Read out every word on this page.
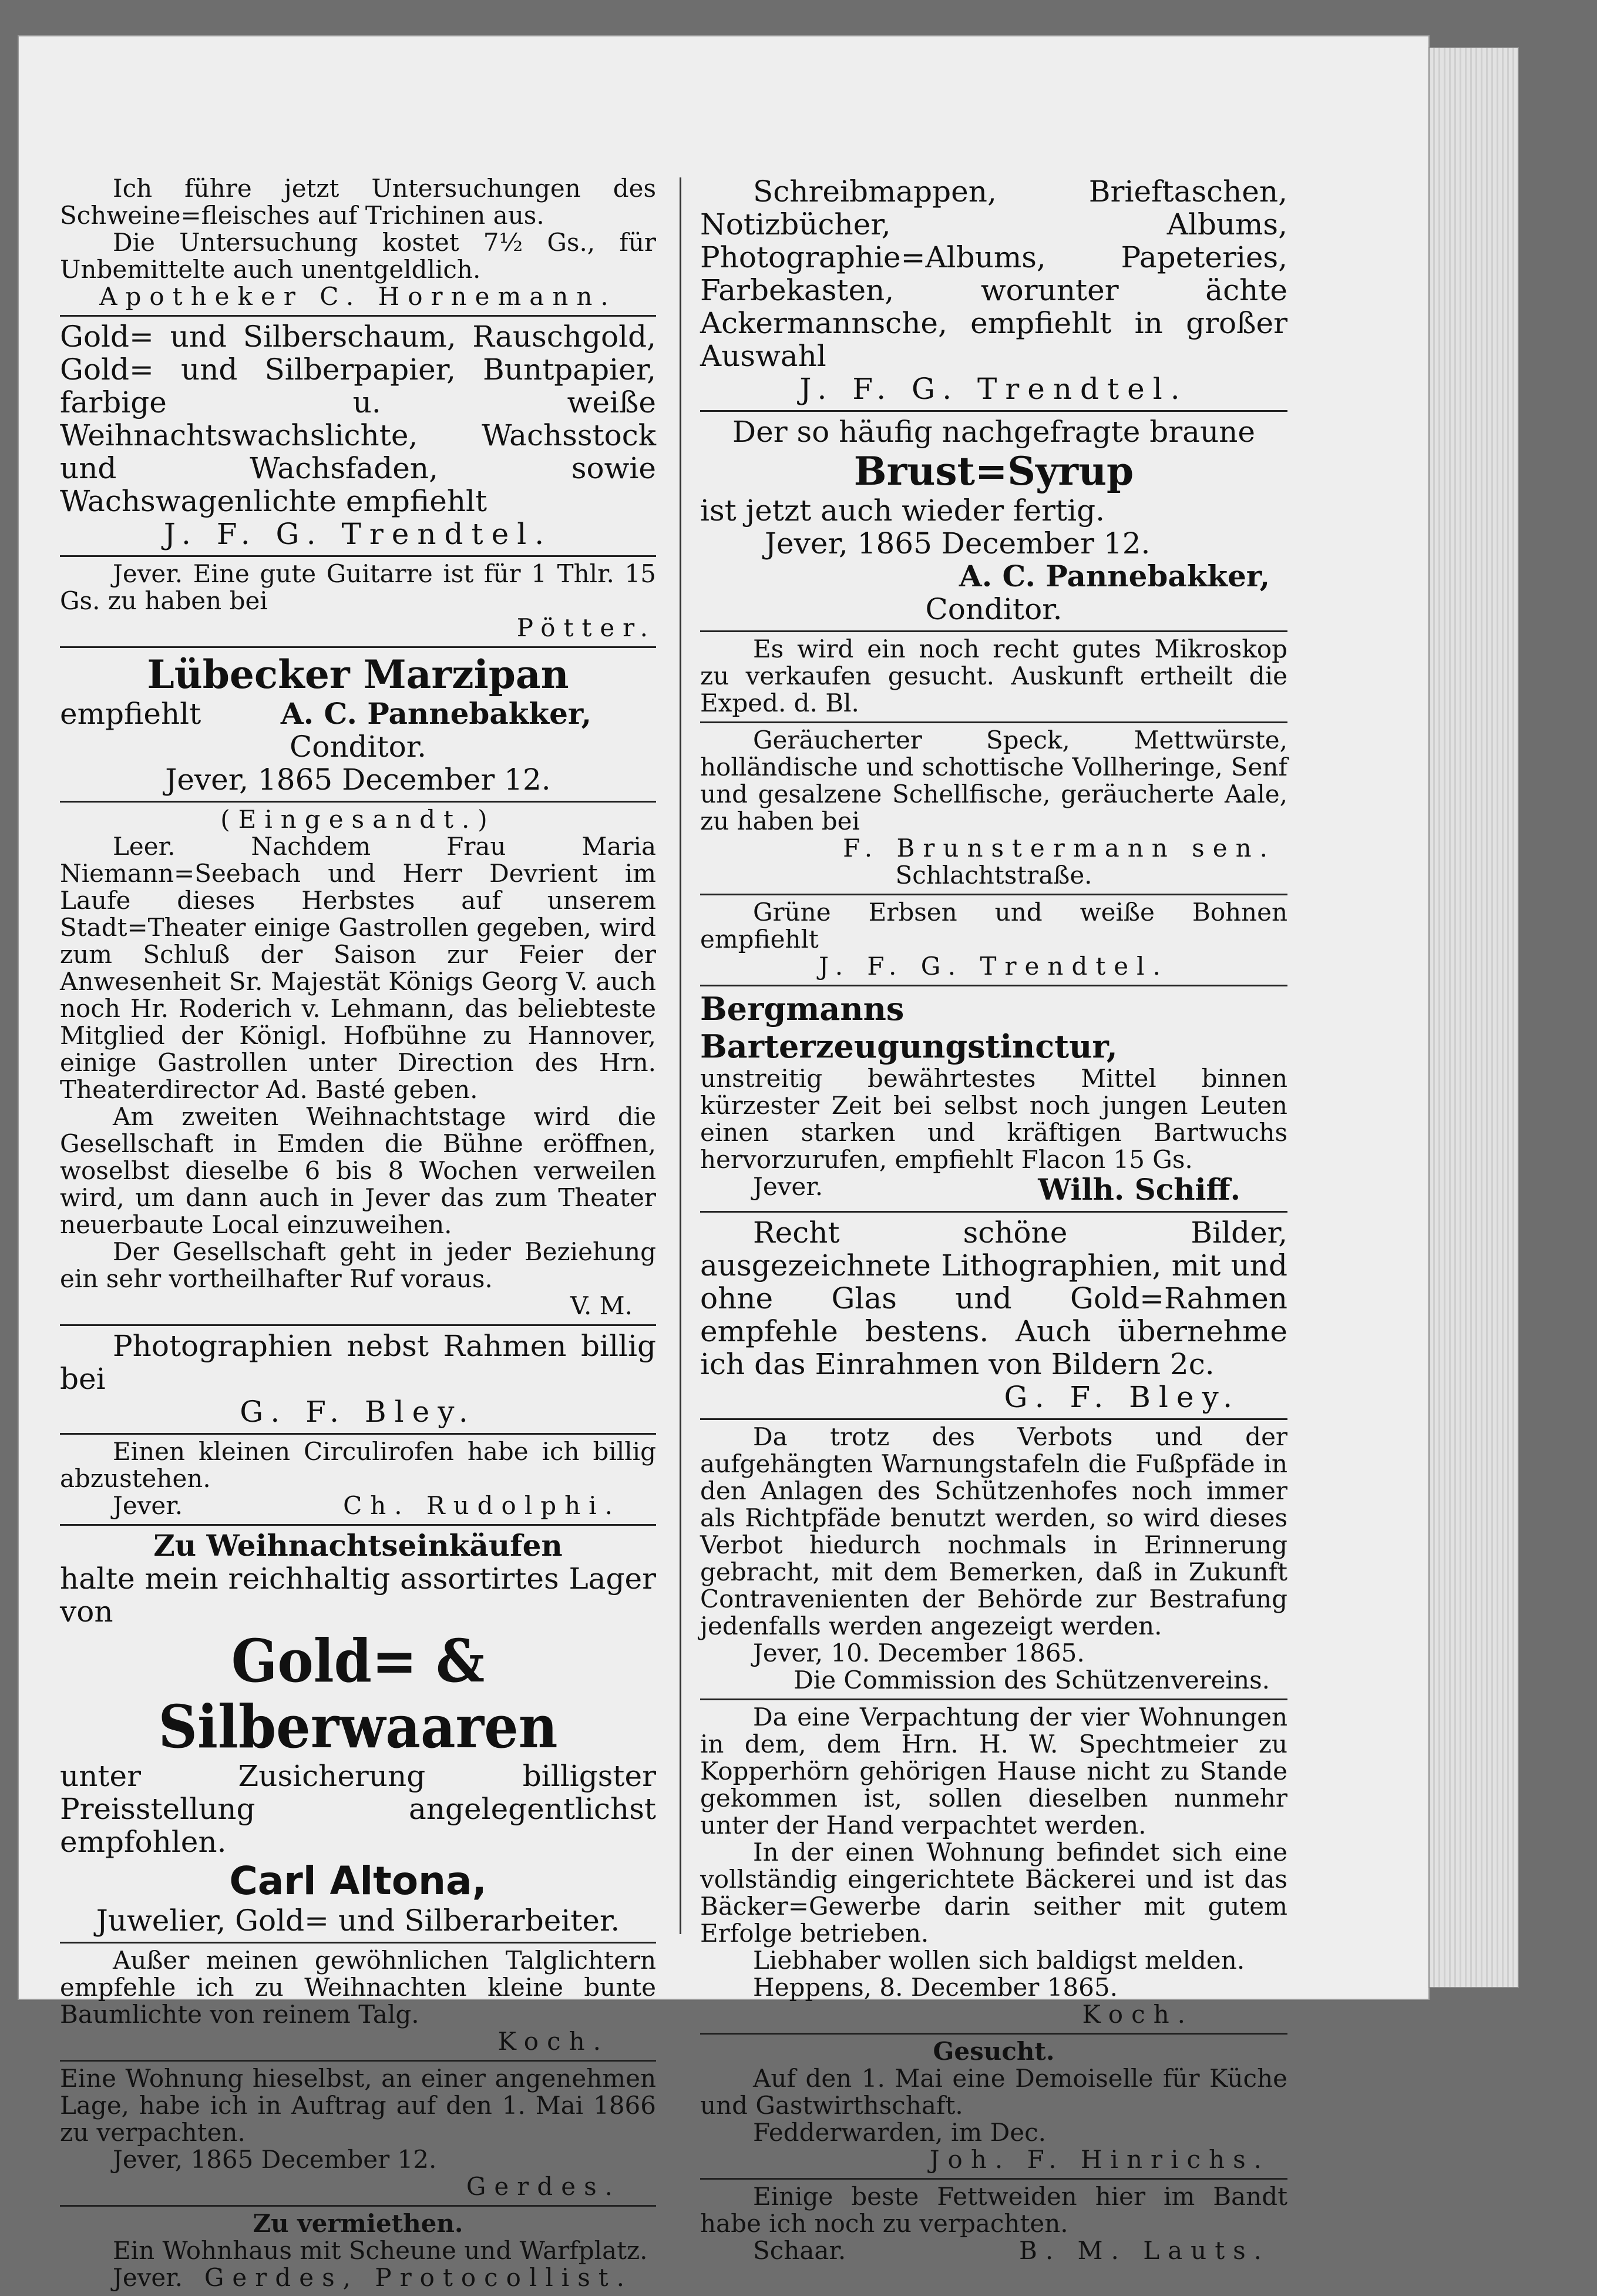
Ich führe jetzt Untersuchungen des Schweine=fleisches auf Trichinen aus.

Die Untersuchung kostet 7½ Gs., für Unbemittelte auch unentgeldlich.

Apotheker C. Hornemann.

Gold= und Silberschaum, Rauschgold, Gold= und Silberpapier, Buntpapier, farbige u. weiße Weihnachtswachslichte, Wachsstock und Wachsfaden, sowie Wachswagenlichte empfiehlt

J. F. G. Trendtel.

Jever. Eine gute Guitarre ist für 1 Thlr. 15 Gs. zu haben bei

Pötter.

Lübecker Marzipan

empfiehlt	A. C. Pannebakker,

Conditor.

Jever, 1865 December 12.

(Eingesandt.)

Leer. Nachdem Frau Maria Niemann=Seebach und Herr Devrient im Laufe dieses Herbstes auf unserem Stadt=Theater einige Gastrollen gegeben, wird zum Schluß der Saison zur Feier der Anwesenheit Sr. Majestät Königs Georg V. auch noch Hr. Roderich v. Lehmann, das beliebteste Mitglied der Königl. Hofbühne zu Hannover, einige Gastrollen unter Direction des Hrn. Theaterdirector Ad. Basté geben.

Am zweiten Weihnachtstage wird die Gesellschaft in Emden die Bühne eröffnen, woselbst dieselbe 6 bis 8 Wochen verweilen wird, um dann auch in Jever das zum Theater neuerbaute Local einzuweihen.

Der Gesellschaft geht in jeder Beziehung ein sehr vortheilhafter Ruf voraus.

V. M.

Photographien nebst Rahmen billig bei

G. F. Bley.

Einen kleinen Circulirofen habe ich billig abzustehen.

Jever.	Ch. Rudolphi.

Zu Weihnachtseinkäufen

halte mein reichhaltig assortirtes Lager von

Gold= & Silberwaaren

unter Zusicherung billigster Preisstellung angelegentlichst empfohlen.

Carl Altona,

Juwelier, Gold= und Silberarbeiter.

Außer meinen gewöhnlichen Talglichtern empfehle ich zu Weihnachten kleine bunte Baumlichte von reinem Talg.

Koch.

Eine Wohnung hieselbst, an einer angenehmen Lage, habe ich in Auftrag auf den 1. Mai 1866 zu verpachten.

Jever, 1865 December 12.

Gerdes.

Zu vermiethen.

Ein Wohnhaus mit Scheune und Warfplatz.

Jever. Gerdes, Protocollist.

Schreibmappen, Brieftaschen, Notizbücher, Albums, Photographie=Albums, Papeteries, Farbekasten, worunter ächte Ackermannsche, empfiehlt in großer Auswahl

J. F. G. Trendtel.

Der so häufig nachgefragte braune

Brust=Syrup

ist jetzt auch wieder fertig.

Jever, 1865 December 12.

A. C. Pannebakker,

Conditor.

Es wird ein noch recht gutes Mikroskop zu verkaufen gesucht. Auskunft ertheilt die Exped. d. Bl.

Geräucherter Speck, Mettwürste, holländische und schottische Vollheringe, Senf und gesalzene Schellfische, geräucherte Aale, zu haben bei

F. Brunstermann sen.

Schlachtstraße.

Grüne Erbsen und weiße Bohnen empfiehlt

J. F. G. Trendtel.

Bergmanns Barterzeugungstinctur,

unstreitig bewährtestes Mittel binnen kürzester Zeit bei selbst noch jungen Leuten einen starken und kräftigen Bartwuchs hervorzurufen, empfiehlt Flacon 15 Gs.

Jever.	Wilh. Schiff.

Recht schöne Bilder, ausgezeichnete Lithographien, mit und ohne Glas und Gold=Rahmen empfehle bestens. Auch übernehme ich das Einrahmen von Bildern 2c.

G. F. Bley.

Da trotz des Verbots und der aufgehängten Warnungstafeln die Fußpfäde in den Anlagen des Schützenhofes noch immer als Richtpfäde benutzt werden, so wird dieses Verbot hiedurch nochmals in Erinnerung gebracht, mit dem Bemerken, daß in Zukunft Contravenienten der Behörde zur Bestrafung jedenfalls werden angezeigt werden.

Jever, 10. December 1865.

Die Commission des Schützenvereins.

Da eine Verpachtung der vier Wohnungen in dem, dem Hrn. H. W. Spechtmeier zu Kopperhörn gehörigen Hause nicht zu Stande gekommen ist, sollen dieselben nunmehr unter der Hand verpachtet werden.

In der einen Wohnung befindet sich eine vollständig eingerichtete Bäckerei und ist das Bäcker=Gewerbe darin seither mit gutem Erfolge betrieben.

Liebhaber wollen sich baldigst melden.

Heppens, 8. December 1865.

Koch.

Gesucht.

Auf den 1. Mai eine Demoiselle für Küche und Gastwirthschaft.

Fedderwarden, im Dec.

Joh. F. Hinrichs.

Einige beste Fettweiden hier im Bandt habe ich noch zu verpachten.

Schaar.	B. M. Lauts.
